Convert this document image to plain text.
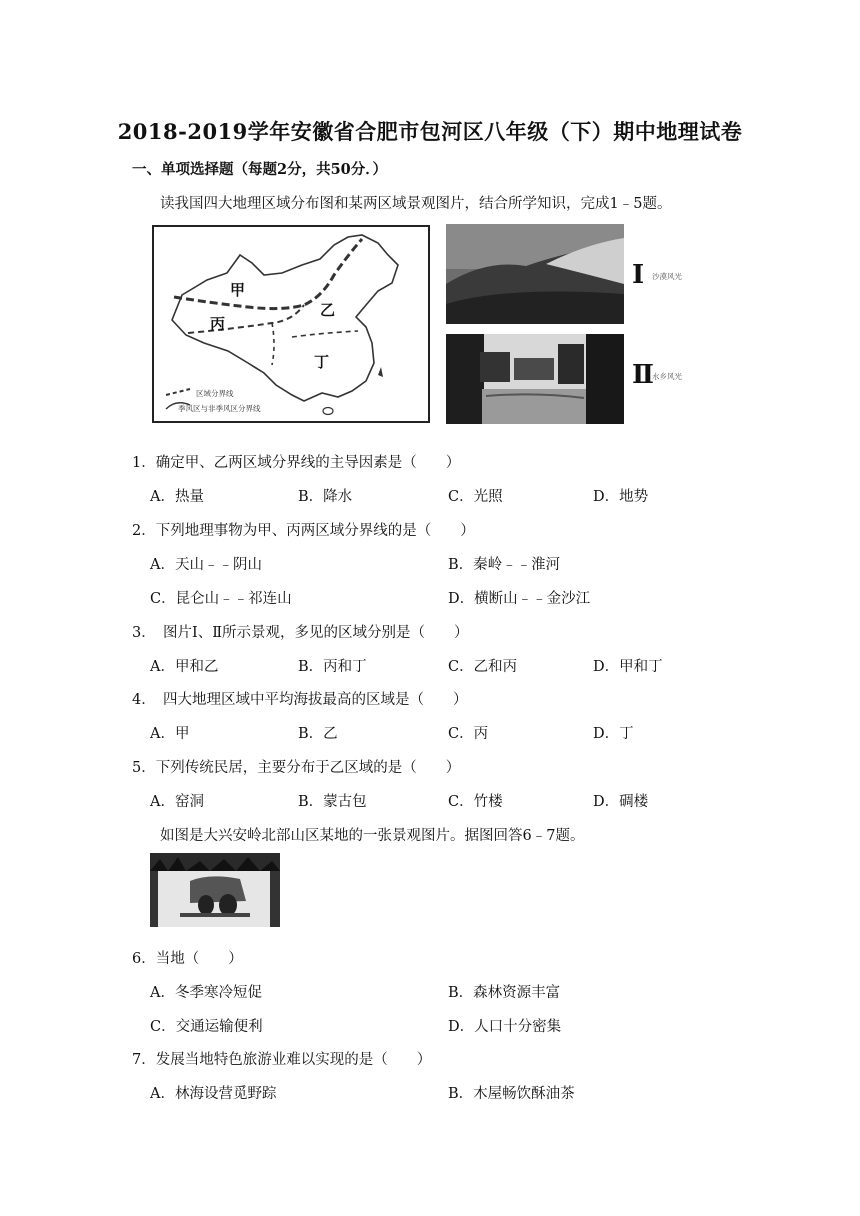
2018-2019学年安徽省合肥市包河区八年级（下）期中地理试卷
一、单项选择题（每题2分，共50分．）
读我国四大地理区域分布图和某两区域景观图片，结合所学知识，完成1﹣5题。
甲
乙
丙
丁
区域分界线
季风区与非季风区分界线
Ⅰ 沙漠风光
Ⅱ
水乡风光
1．确定甲、乙两区域分界线的主导因素是（　　）
A．热量	B．降水	C．光照	D．地势
2．下列地理事物为甲、丙两区域分界线的是（　　）
A．天山﹣﹣阴山	B．秦岭﹣﹣淮河
C．昆仑山﹣﹣祁连山	D．横断山﹣﹣金沙江
3．　图片Ⅰ、Ⅱ所示景观，多见的区域分别是（　　）
A．甲和乙	B．丙和丁	C．乙和丙	D．甲和丁
4．　四大地理区域中平均海拔最高的区域是（　　）
A．甲	B．乙	C．丙	D．丁
5．下列传统民居，主要分布于乙区域的是（　　）
A．窑洞	B．蒙古包	C．竹楼	D．碉楼
如图是大兴安岭北部山区某地的一张景观图片。据图回答6﹣7题。
6．当地（　　）
A．冬季寒冷短促	B．森林资源丰富
C．交通运输便利	D．人口十分密集
7．发展当地特色旅游业难以实现的是（　　）
A．林海设营觅野踪	B．木屋畅饮酥油茶
